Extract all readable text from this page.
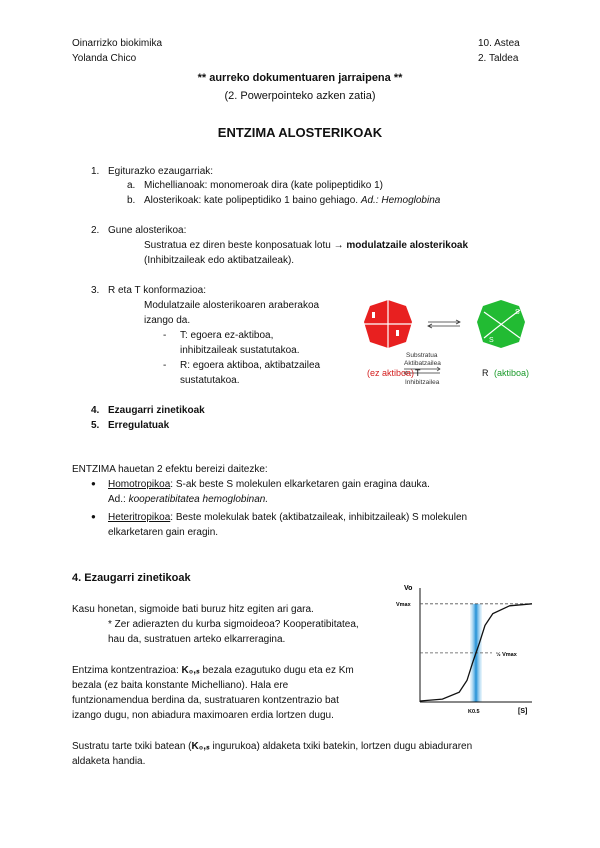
Oinarrizko biokimika
Yolanda Chico
10. Astea
2. Taldea
** aurreko dokumentuaren jarraipena **
(2. Powerpointeko azken zatia)
ENTZIMA ALOSTERIKOAK
1. Egiturazko ezaugarriak:
a. Michellianoak: monomeroak dira (kate polipeptidiko 1)
b. Alosterikoak: kate polipeptidiko 1 baino gehiago. Ad.: Hemoglobina
2. Gune alosterikoa:
Sustratua ez diren beste konposatuak lotu → modulatzaile alosterikoak
(Inhibitzaileak edo aktibatzaileak).
3. R eta T konformazioa:
Modulatzaile alosterikoaren araberakoa
izango da.
- T: egoera ez-aktiboa,
inhibitzaileak sustatutakoa.
- R: egoera aktiboa, aktibatzailea
sustatutakoa.
S
S
Substratua
Aktibatzailea
Inhibitzailea
(ez aktiboa) T	R (aktiboa)
4. Ezaugarri zinetikoak
5. Erregulatuak
ENTZIMA hauetan 2 efektu bereizi daitezke:
● Homotropikoa: S-ak beste S molekulen elkarketaren gain eragina dauka.
Ad.: kooperatibitatea hemoglobinan.
● Heteritropikoa: Beste molekulak batek (aktibatzaileak, inhibitzaileak) S molekulen
elkarketaren gain eragin.
4. Ezaugarri zinetikoak
Kasu honetan, sigmoide bati buruz hitz egiten ari gara.
* Zer adierazten du kurba sigmoideoa? Kooperatibitatea,
hau da, sustratuen arteko elkarreragina.
Entzima kontzentrazioa: K₀,ₛ bezala ezagutuko dugu eta ez Km
bezala (ez baita konstante Michelliano). Hala ere
funtzionamendua berdina da, sustratuaren kontzentrazio bat
izango dugu, non abiadura maximoaren erdia lortzen dugu.
Sustratu tarte txiki batean (K₀,ₛ ingurukoa) aldaketa txiki batekin, lortzen dugu abiaduraren
aldaketa handia.
Vo
[S]
Vmax
½ Vmax
K0.5
